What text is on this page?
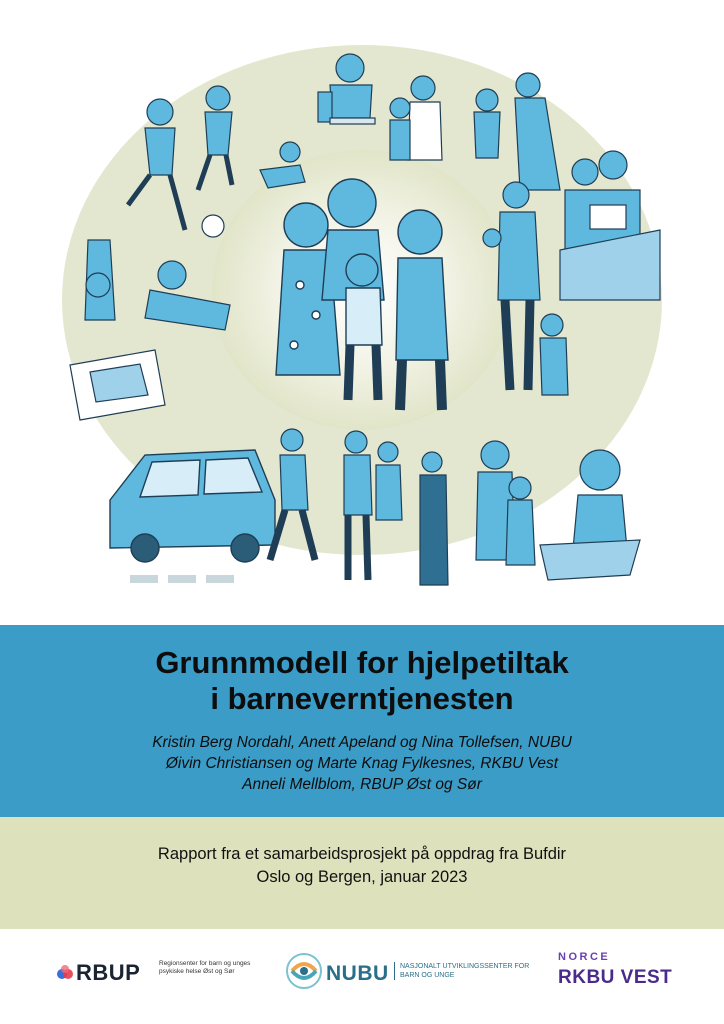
Grunnmodell for hjelpetiltak
i barneverntjenesten
Kristin Berg Nordahl, Anett Apeland og Nina Tollefsen, NUBU
Øivin Christiansen og Marte Knag Fylkesnes, RKBU Vest
Anneli Mellblom, RBUP Øst og Sør
Rapport fra et samarbeidsprosjekt på oppdrag fra Bufdir
Oslo og Bergen, januar 2023
RBUP	Regionsenter for barn og unges psykiske helse Øst og Sør	NUBU	NASJONALT UTVIKLINGSSENTER FOR BARN OG UNGE
NORCE
RKBU VEST
